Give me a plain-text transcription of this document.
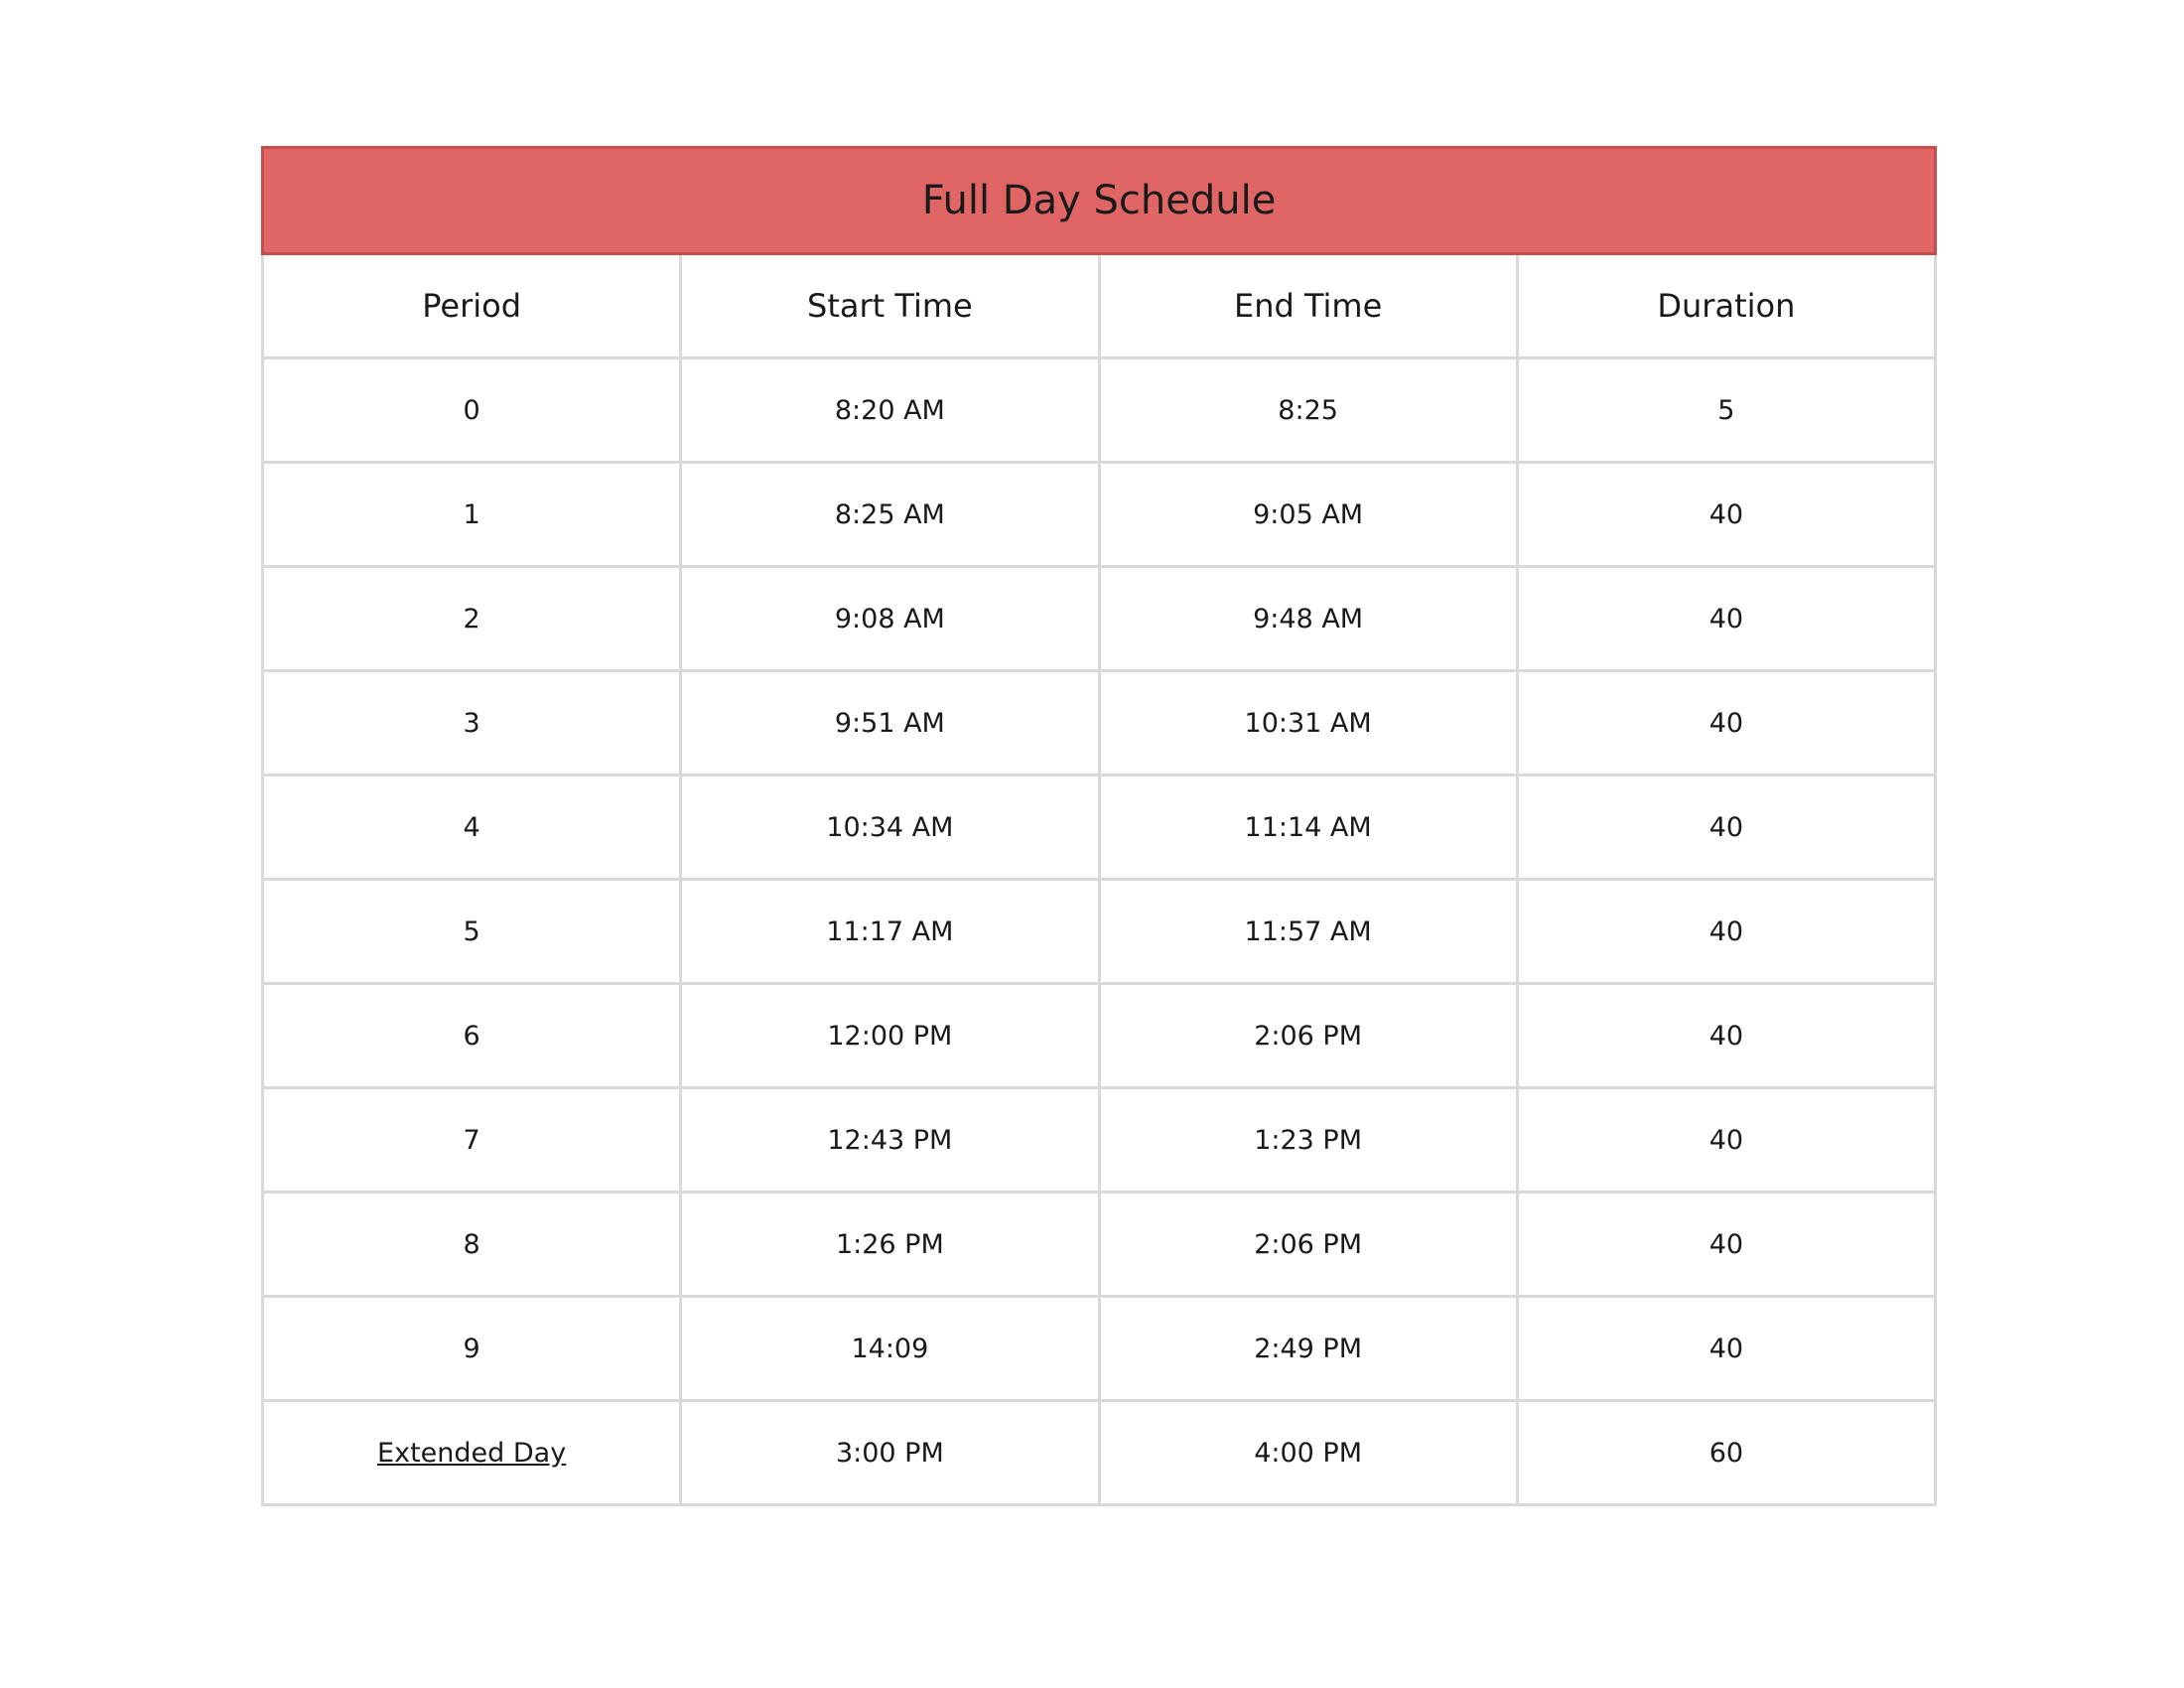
Full Day Schedule			
Period	Start Time	End Time	Duration
0	8:20 AM	8:25	5
1	8:25 AM	9:05 AM	40
2	9:08 AM	9:48 AM	40
3	9:51 AM	10:31 AM	40
4	10:34 AM	11:14 AM	40
5	11:17 AM	11:57 AM	40
6	12:00 PM	2:06 PM	40
7	12:43 PM	1:23 PM	40
8	1:26 PM	2:06 PM	40
9	14:09	2:49 PM	40
Extended Day	3:00 PM	4:00 PM	60
